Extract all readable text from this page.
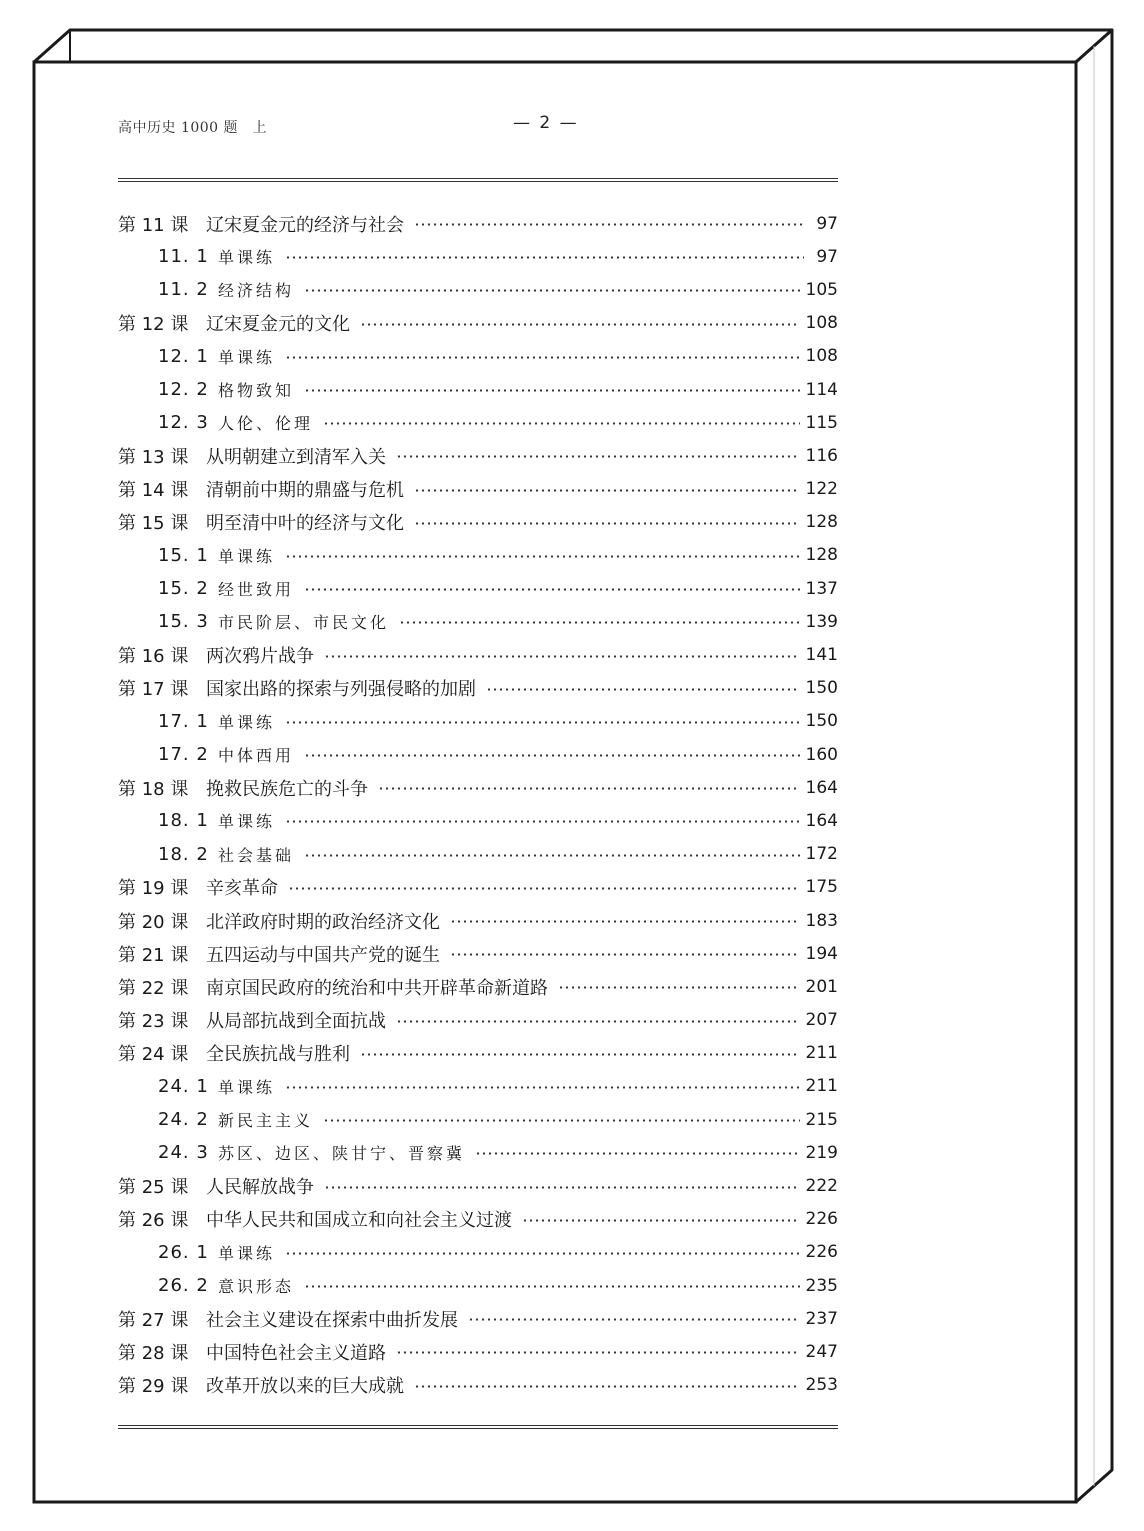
高中历史 1000 题　上	— 2 —
第 11 课 辽宋夏金元的经济与社会	97
11. 1 单课练	97
11. 2 经济结构	105
第 12 课 辽宋夏金元的文化	108
12. 1 单课练	108
12. 2 格物致知	114
12. 3 人伦、伦理	115
第 13 课 从明朝建立到清军入关	116
第 14 课 清朝前中期的鼎盛与危机	122
第 15 课 明至清中叶的经济与文化	128
15. 1 单课练	128
15. 2 经世致用	137
15. 3 市民阶层、市民文化	139
第 16 课 两次鸦片战争	141
第 17 课 国家出路的探索与列强侵略的加剧	150
17. 1 单课练	150
17. 2 中体西用	160
第 18 课 挽救民族危亡的斗争	164
18. 1 单课练	164
18. 2 社会基础	172
第 19 课 辛亥革命	175
第 20 课 北洋政府时期的政治经济文化	183
第 21 课 五四运动与中国共产党的诞生	194
第 22 课 南京国民政府的统治和中共开辟革命新道路	201
第 23 课 从局部抗战到全面抗战	207
第 24 课 全民族抗战与胜利	211
24. 1 单课练	211
24. 2 新民主主义	215
24. 3 苏区、边区、陕甘宁、晋察冀	219
第 25 课 人民解放战争	222
第 26 课 中华人民共和国成立和向社会主义过渡	226
26. 1 单课练	226
26. 2 意识形态	235
第 27 课 社会主义建设在探索中曲折发展	237
第 28 课 中国特色社会主义道路	247
第 29 课 改革开放以来的巨大成就	253
